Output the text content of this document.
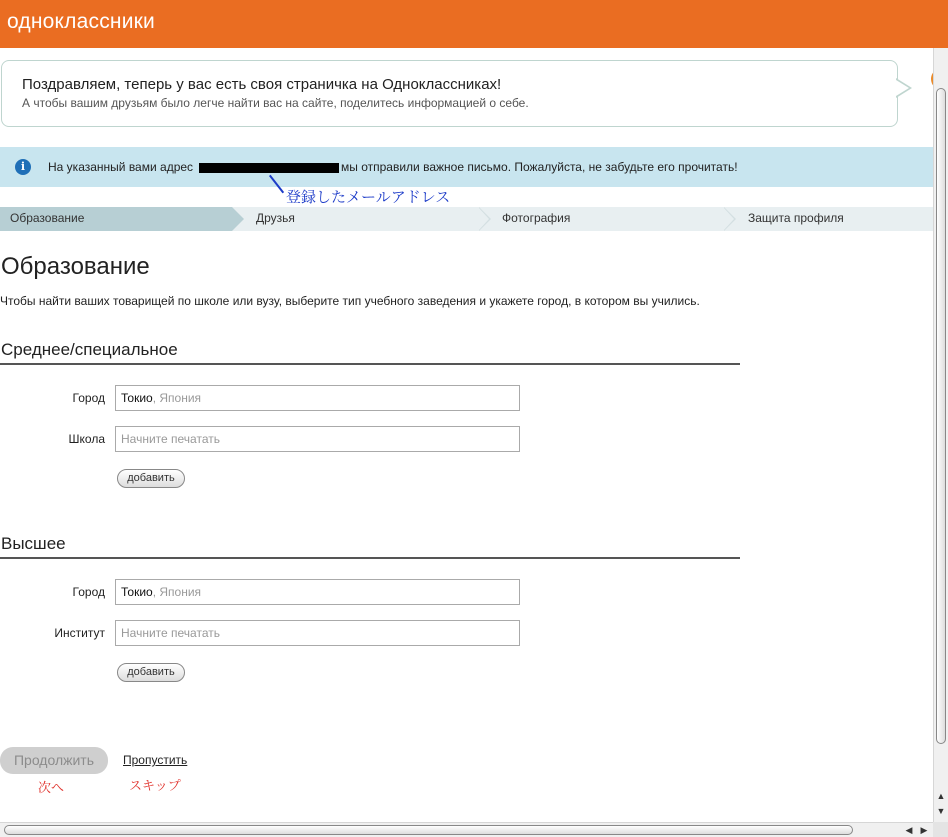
одноклассники
Поздравляем, теперь у вас есть своя страничка на Одноклассниках!
А чтобы вашим друзьям было легче найти вас на сайте, поделитесь информацией о себе.
i	На указанный вами адрес	мы отправили важное письмо. Пожалуйста, не забудьте его прочитать!
登録したメールアドレス
Образование	Друзья	Фотография	Защита профиля
Образование
Чтобы найти ваших товарищей по школе или вузу, выберите тип учебного заведения и укажете город, в котором вы учились.
Среднее/специальное
Город Токио, Япония
Школа Начните печатать
добавить
Высшее
Город Токио, Япония
Институт Начните печатать
добавить
Продолжить	Пропустить
次へ	スキップ
▲
▼
◀ ▶
